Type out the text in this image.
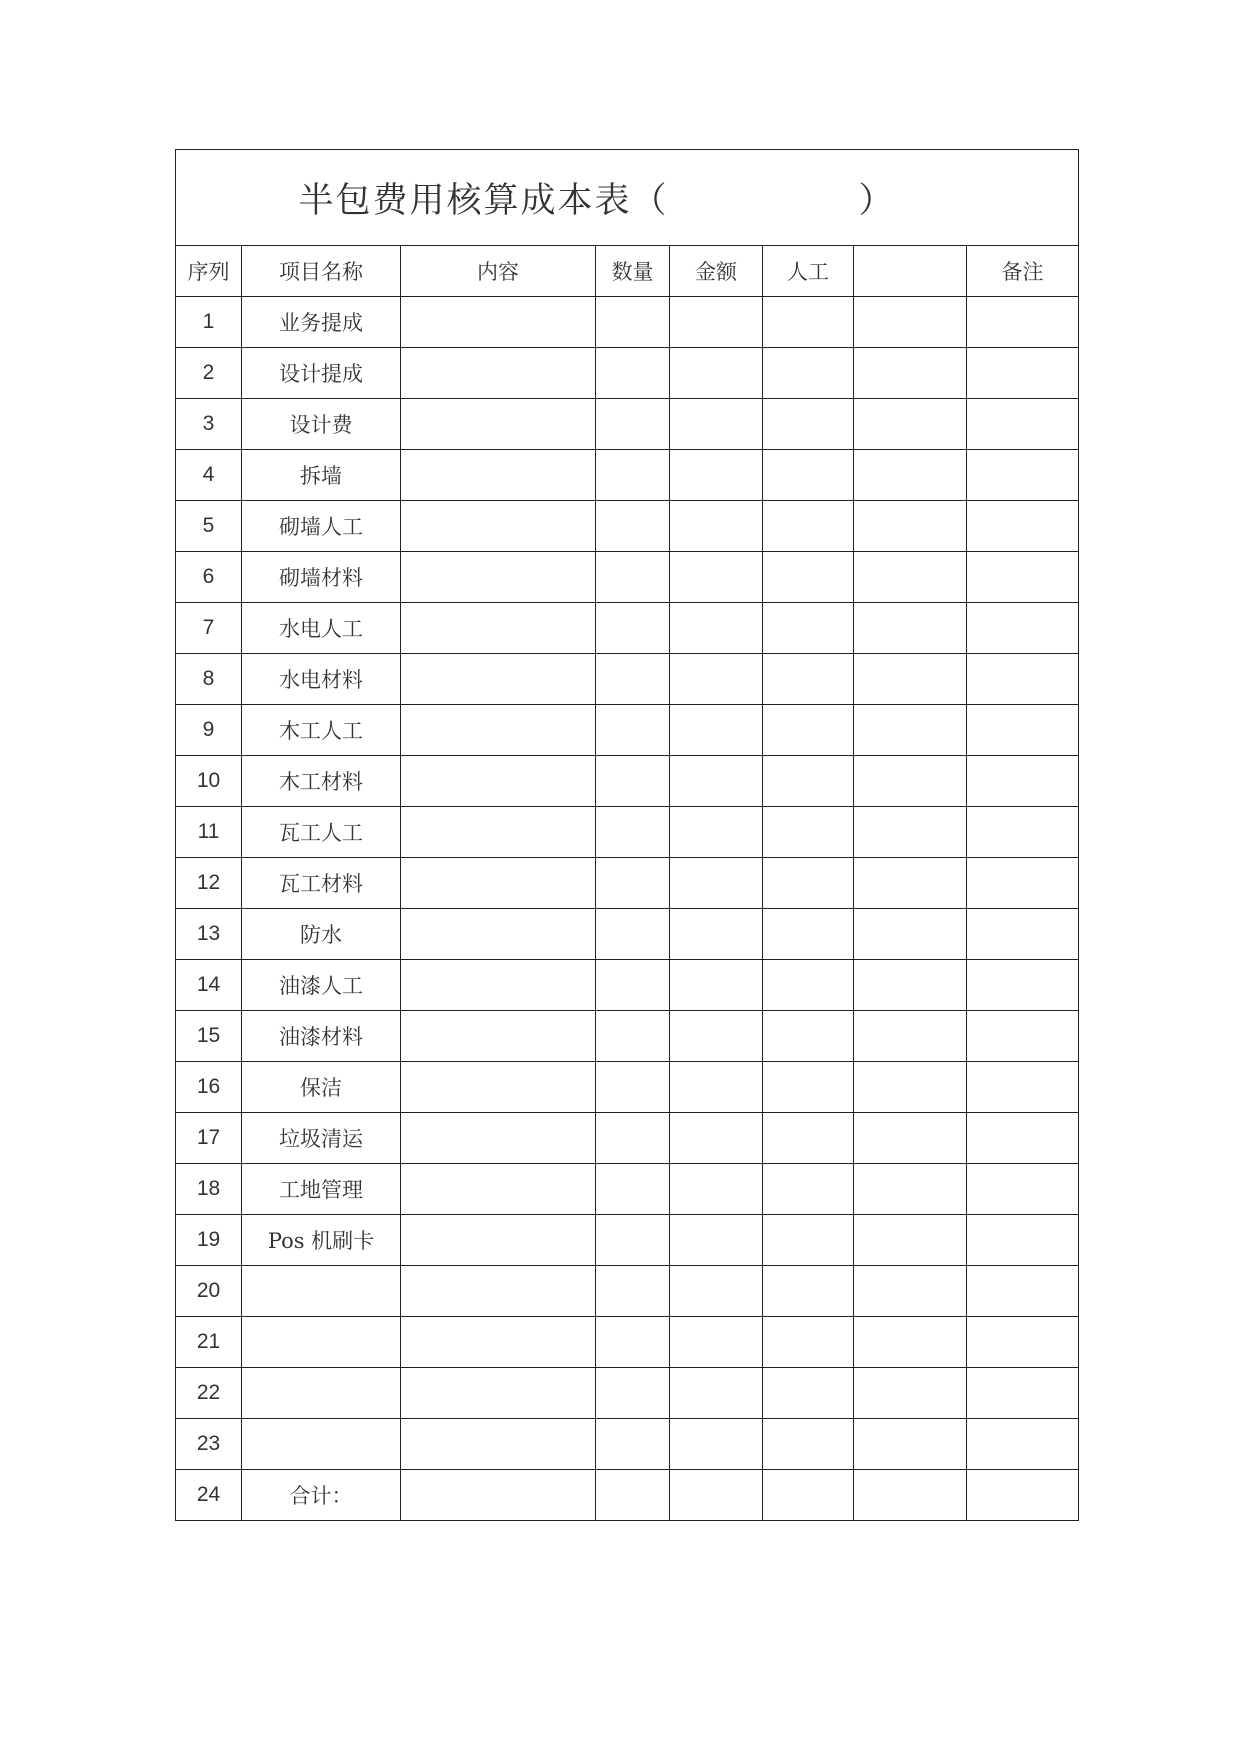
半包费用核算成本表（ ）							
序列	项目名称	内容	数量	金额	人工		备注
1	业务提成						
2	设计提成						
3	设计费						
4	拆墙						
5	砌墙人工						
6	砌墙材料						
7	水电人工						
8	水电材料						
9	木工人工						
10	木工材料						
11	瓦工人工						
12	瓦工材料						
13	防水						
14	油漆人工						
15	油漆材料						
16	保洁						
17	垃圾清运						
18	工地管理						
19	Pos 机刷卡						
20							
21							
22							
23							
24	合计：						
